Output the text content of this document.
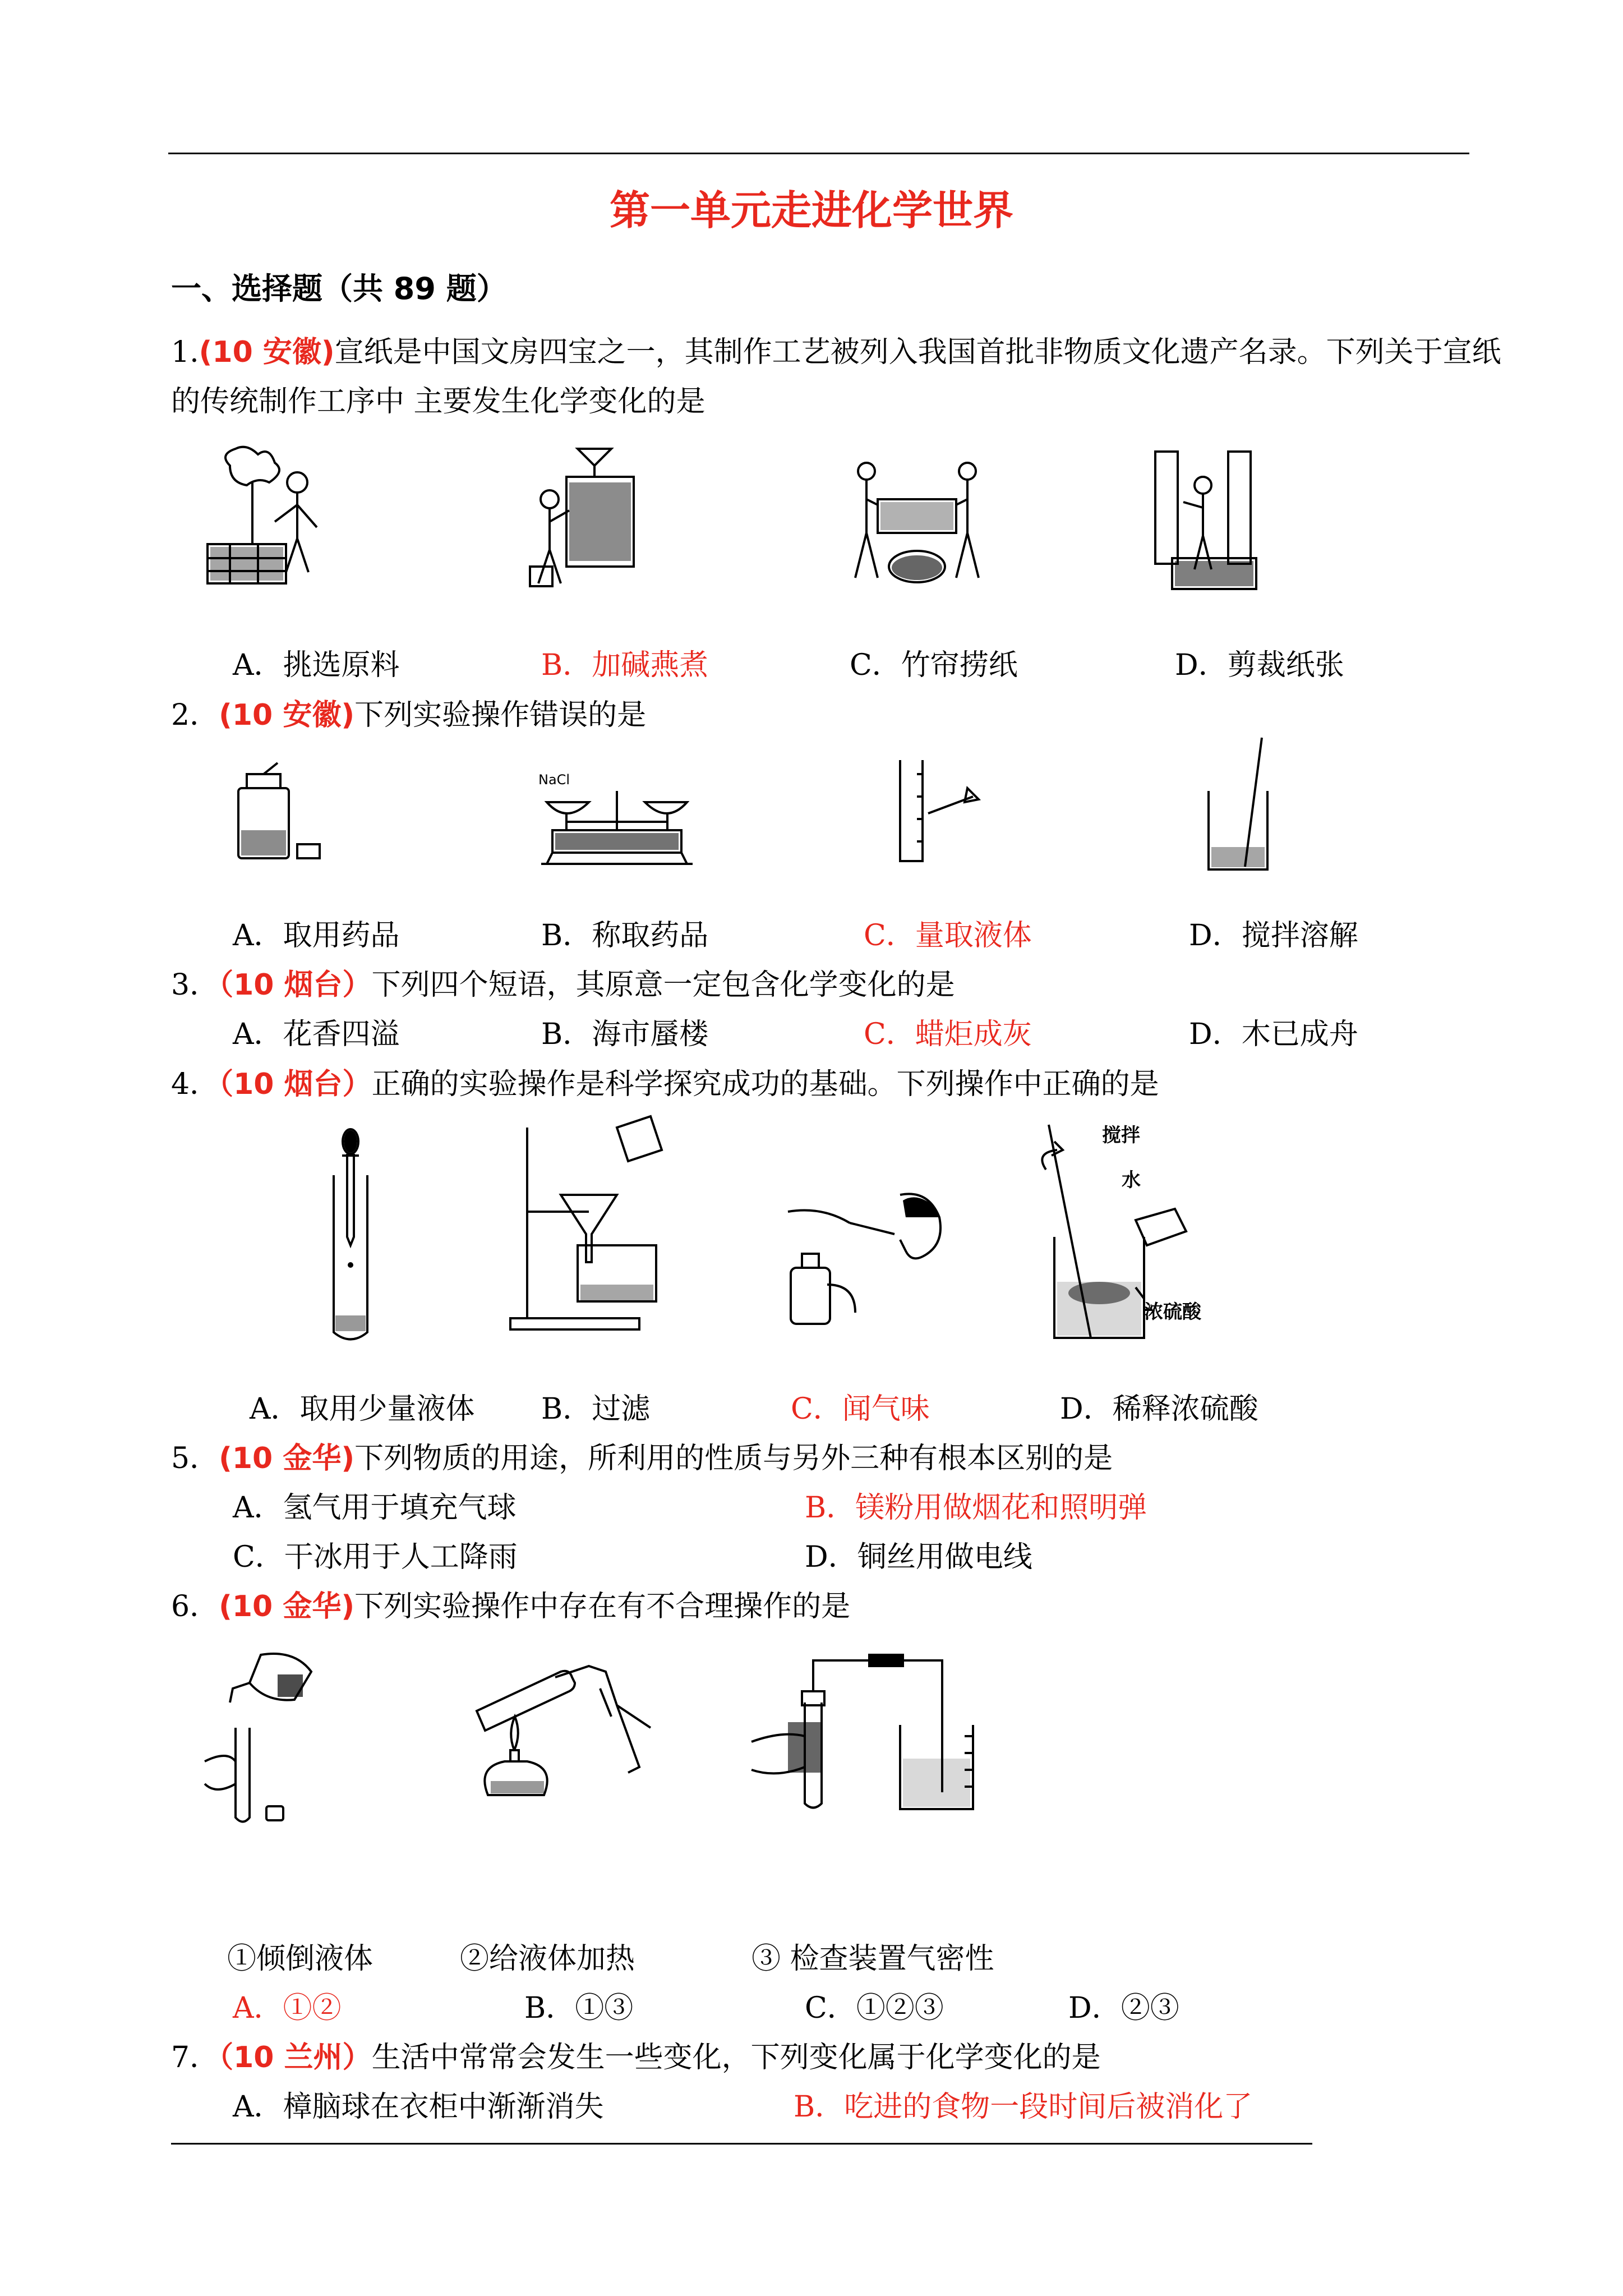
第一单元走进化学世界
一、选择题（共 89 题）
1.(10 安徽)宣纸是中国文房四宝之一，其制作工艺被列入我国首批非物质文化遗产名录。下列关于宣纸
的传统制作工序中 主要发生化学变化的是
A．挑选原料	B．加碱燕煮	C．竹帘捞纸	D．剪裁纸张
2．(10 安徽)下列实验操作错误的是
NaCl
A．取用药品	B．称取药品	C．量取液体	D．搅拌溶解
3．（10 烟台）下列四个短语，其原意一定包含化学变化的是
A．花香四溢	B．海市蜃楼	C．蜡炬成灰	D．木已成舟
4．（10 烟台）正确的实验操作是科学探究成功的基础。下列操作中正确的是
搅拌
水
浓硫酸
A．取用少量液体 B．过滤	C．闻气味	D．稀释浓硫酸
5．(10 金华)下列物质的用途，所利用的性质与另外三种有根本区别的是
A．氢气用于填充气球	B．镁粉用做烟花和照明弹
C．干冰用于人工降雨	D．铜丝用做电线
6．(10 金华)下列实验操作中存在有不合理操作的是
①倾倒液体	②给液体加热	③ 检查装置气密性
A．①②	B．①③	C．①②③	D．②③
7．（10 兰州）生活中常常会发生一些变化，下列变化属于化学变化的是
A．樟脑球在衣柜中渐渐消失	B．吃进的食物一段时间后被消化了
